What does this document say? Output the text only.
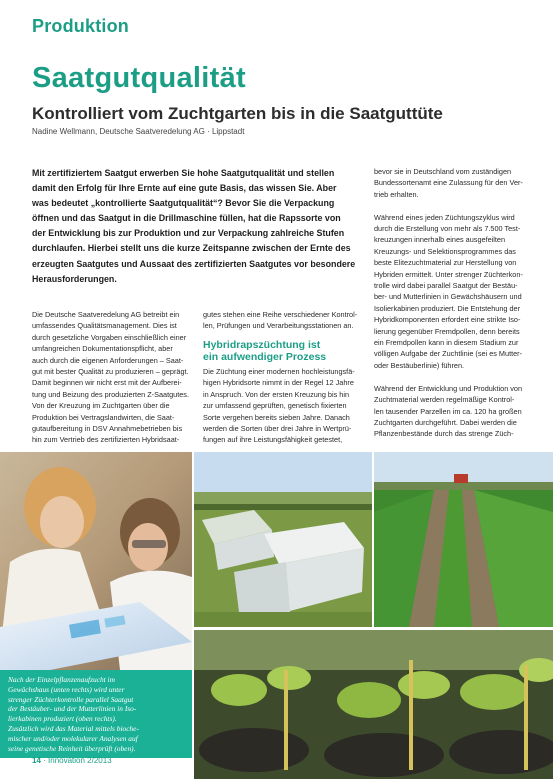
Produktion
Saatgutqualität
Kontrolliert vom Zuchtgarten bis in die Saatguttüte
Nadine Wellmann, Deutsche Saatveredelung AG · Lippstadt
Mit zertifiziertem Saatgut erwerben Sie hohe Saatgutqualität und stellen
damit den Erfolg für Ihre Ernte auf eine gute Basis, das wissen Sie. Aber
was bedeutet „kontrollierte Saatgutqualität“? Bevor Sie die Verpackung
öffnen und das Saatgut in die Drillmaschine füllen, hat die Rapssorte von
der Entwicklung bis zur Produktion und zur Verpackung zahlreiche Stufen
durchlaufen. Hierbei stellt uns die kurze Zeitspanne zwischen der Ernte des
erzeugten Saatgutes und Aussaat des zertifizierten Saatgutes vor besondere
Herausforderungen.
Die Deutsche Saatveredelung AG betreibt ein
umfassendes Qualitätsmanagement. Dies ist
durch gesetzliche Vorgaben einschließlich einer
umfangreichen Dokumentationspflicht, aber
auch durch die eigenen Anforderungen – Saat-
gut mit bester Qualität zu produzieren – geprägt.
Damit beginnen wir nicht erst mit der Aufberei-
tung und Beizung des produzierten Z-Saatgutes.
Von der Kreuzung im Zuchtgarten über die
Produktion bei Vertragslandwirten, die Saat-
gutaufbereitung in DSV Annahmebetrieben bis
hin zum Vertrieb des zertifizierten Hybridsaat-
gutes stehen eine Reihe verschiedener Kontrol-
len, Prüfungen und Verarbeitungsstationen an.
Hybridrapszüchtung ist
ein aufwendiger Prozess
Die Züchtung einer modernen hochleistungsfä-
higen Hybridsorte nimmt in der Regel 12 Jahre
in Anspruch. Von der ersten Kreuzung bis hin
zur umfassend geprüften, genetisch fixierten
Sorte vergehen bereits sieben Jahre. Danach
werden die Sorten über drei Jahre in Wertprü-
fungen auf ihre Leistungsfähigkeit getestet,
bevor sie in Deutschland vom zuständigen
Bundessortenamt eine Zulassung für den Ver-
trieb erhalten.
Während eines jeden Züchtungszyklus wird
durch die Erstellung von mehr als 7.500 Test-
kreuzungen innerhalb eines ausgefeilten
Kreuzungs- und Selektionsprogrammes das
beste Elitezuchtmaterial zur Herstellung von
Hybriden ermittelt. Unter strenger Züchterkon-
trolle wird dabei parallel Saatgut der Bestäu-
ber- und Mutterlinien in Gewächshäusern und
Isolierkabinen produziert. Die Entstehung der
Hybridkomponenten erfordert eine strikte Iso-
lierung gegenüber Fremdpollen, denn bereits
ein Fremdpollen kann in diesem Stadium zur
völligen Aufgabe der Zuchtlinie (sei es Mutter-
oder Bestäuberlinie) führen.
Während der Entwicklung und Produktion von
Zuchtmaterial werden regelmäßige Kontrol-
len tausender Parzellen im ca. 120 ha großen
Zuchtgarten durchgeführt. Dabei werden die
Pflanzenbestände durch das strenge Züch-
Nach der Einzelpflanzenaufzucht im
Gewächshaus (unten rechts) wird unter
strenger Züchterkontrolle parallel Saatgut
der Bestäuber- und der Mutterlinien in Iso-
lierkabinen produziert (oben rechts).
Zusätzlich wird das Material mittels bioche-
mischer und/oder molekularer Analysen auf
seine genetische Reinheit überprüft (oben).
14 · Innovation 2/2013
